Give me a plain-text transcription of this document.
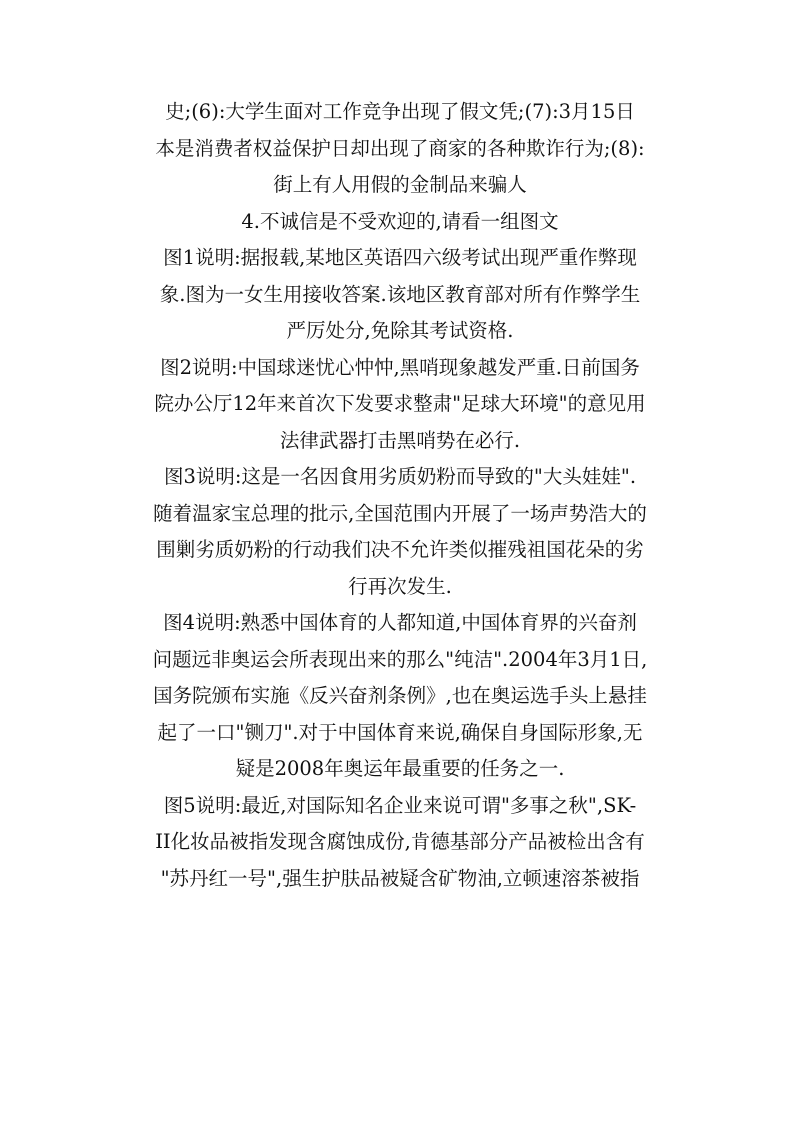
史;(6):大学生面对工作竞争出现了假文凭;(7):3月15日
本是消费者权益保护日却出现了商家的各种欺诈行为;(8):
街上有人用假的金制品来骗人
4.不诚信是不受欢迎的,请看一组图文
图1说明:据报载,某地区英语四六级考试出现严重作弊现
象.图为一女生用接收答案.该地区教育部对所有作弊学生
严厉处分,免除其考试资格.
图2说明:中国球迷忧心忡忡,黑哨现象越发严重.日前国务
院办公厅12年来首次下发要求整肃"足球大环境"的意见用
法律武器打击黑哨势在必行.
图3说明:这是一名因食用劣质奶粉而导致的"大头娃娃".
随着温家宝总理的批示,全国范围内开展了一场声势浩大的
围剿劣质奶粉的行动我们决不允许类似摧残祖国花朵的劣
行再次发生.
图4说明:熟悉中国体育的人都知道,中国体育界的兴奋剂
问题远非奥运会所表现出来的那么"纯洁".2004年3月1日,
国务院颁布实施《反兴奋剂条例》,也在奥运选手头上悬挂
起了一口"铡刀".对于中国体育来说,确保自身国际形象,无
疑是2008年奥运年最重要的任务之一.
图5说明:最近,对国际知名企业来说可谓"多事之秋",SK-
II化妆品被指发现含腐蚀成份,肯德基部分产品被检出含有
"苏丹红一号",强生护肤品被疑含矿物油,立顿速溶茶被指
